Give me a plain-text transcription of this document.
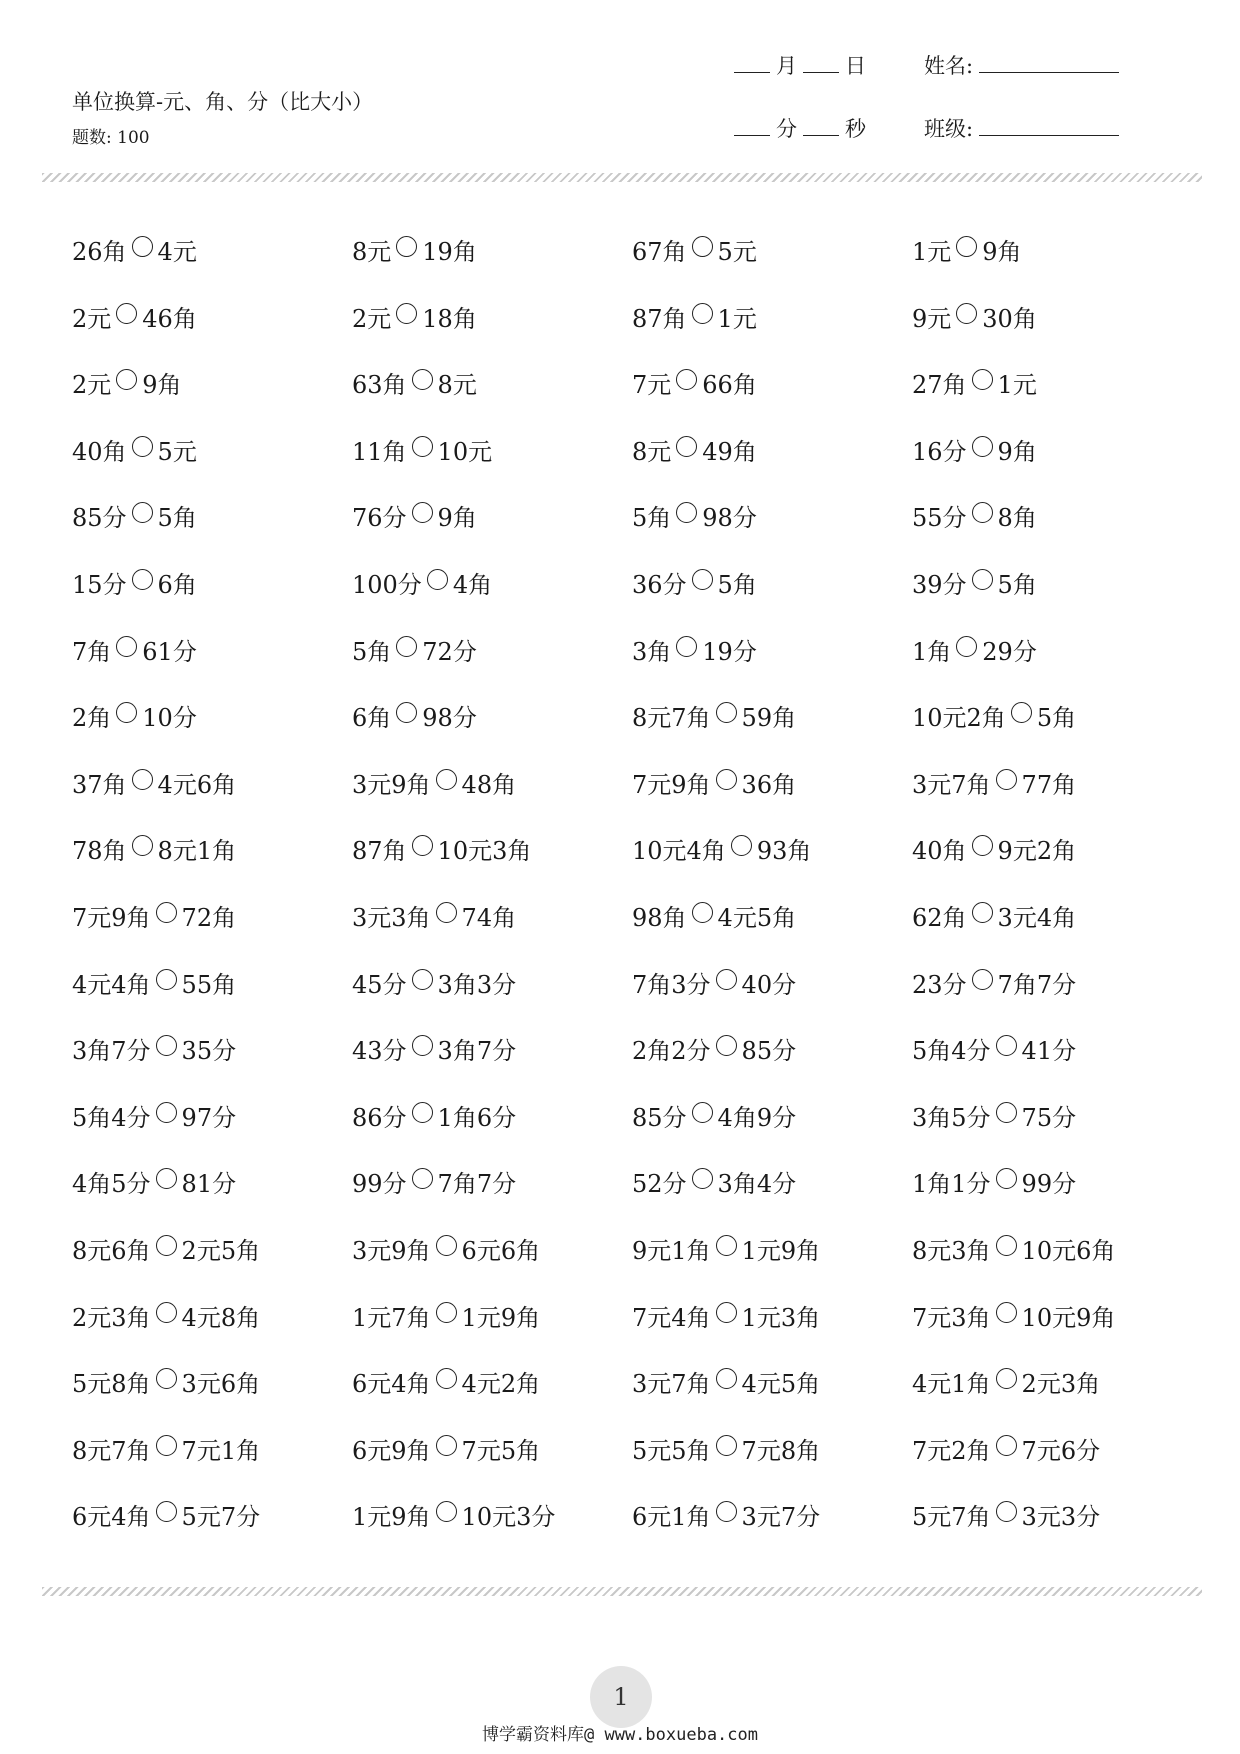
单位换算-元、角、分（比大小）
题数: 100
月 日
分 秒
姓名:
班级:
26角 4元	8元 19角	67角 5元	1元 9角
2元 46角	2元 18角	87角 1元	9元 30角
2元 9角	63角 8元	7元 66角	27角 1元
40角 5元	11角 10元	8元 49角	16分 9角
85分 5角	76分 9角	5角 98分	55分 8角
15分 6角	100分 4角	36分 5角	39分 5角
7角 61分	5角 72分	3角 19分	1角 29分
2角 10分	6角 98分	8元7角 59角	10元2角 5角
37角 4元6角	3元9角 48角	7元9角 36角	3元7角 77角
78角 8元1角	87角 10元3角	10元4角 93角	40角 9元2角
7元9角 72角	3元3角 74角	98角 4元5角	62角 3元4角
4元4角 55角	45分 3角3分	7角3分 40分	23分 7角7分
3角7分 35分	43分 3角7分	2角2分 85分	5角4分 41分
5角4分 97分	86分 1角6分	85分 4角9分	3角5分 75分
4角5分 81分	99分 7角7分	52分 3角4分	1角1分 99分
8元6角 2元5角	3元9角 6元6角	9元1角 1元9角	8元3角 10元6角
2元3角 4元8角	1元7角 1元9角	7元4角 1元3角	7元3角 10元9角
5元8角 3元6角	6元4角 4元2角	3元7角 4元5角	4元1角 2元3角
8元7角 7元1角	6元9角 7元5角	5元5角 7元8角	7元2角 7元6分
6元4角 5元7分	1元9角 10元3分	6元1角 3元7分	5元7角 3元3分
1
博学霸资料库@ www.boxueba.com
